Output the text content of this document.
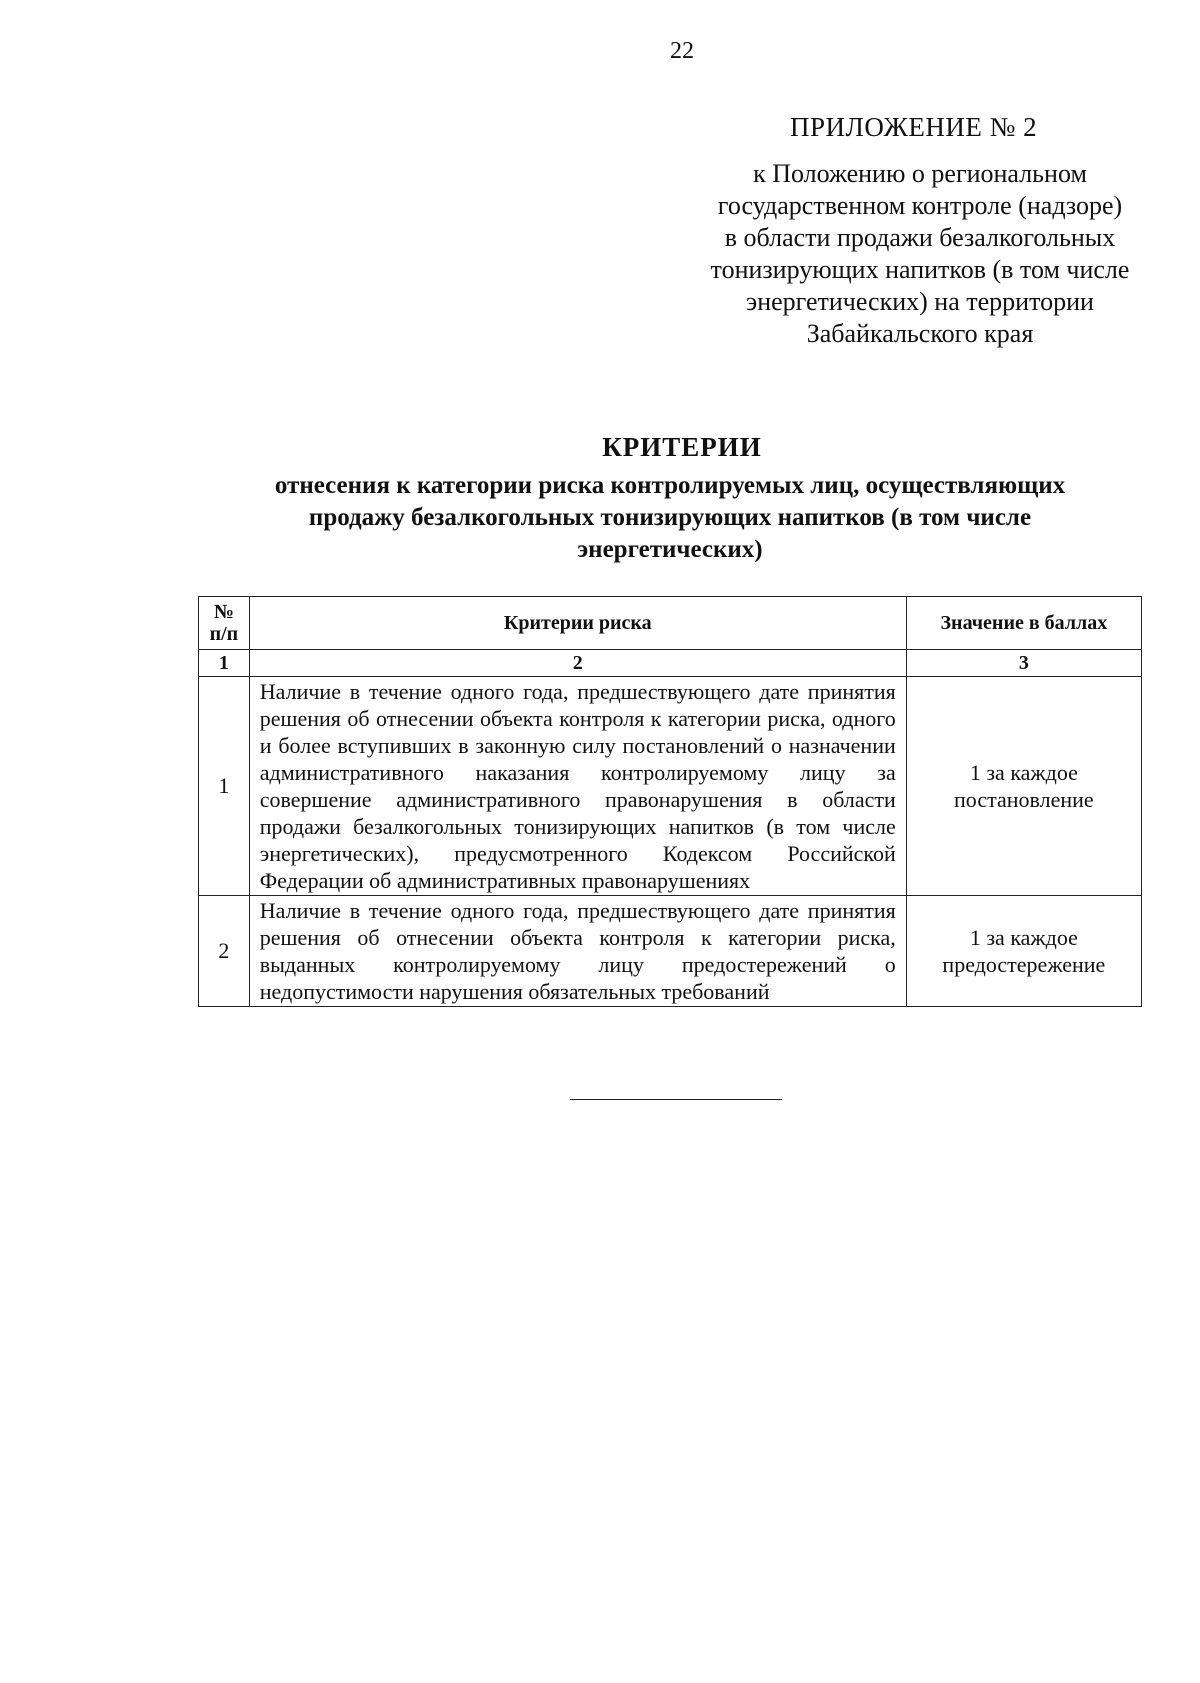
22
ПРИЛОЖЕНИЕ № 2
к Положению о региональном
государственном контроле (надзоре)
в области продажи безалкогольных
тонизирующих напитков (в том числе
энергетических) на территории
Забайкальского края
КРИТЕРИИ
отнесения к категории риска контролируемых лиц, осуществляющих
продажу безалкогольных тонизирующих напитков (в том числе
энергетических)
№ п/п	Критерии риска	Значение в баллах
1	2	3
1	Наличие в течение одного года, предшествующего дате принятия решения об отнесении объекта контроля к категории риска, одного и более вступивших в законную силу постановлений о назначении административного наказания контролируемому лицу за совершение административного правонарушения в области продажи безалкогольных тонизирующих напитков (в том числе энергетических), предусмотренного Кодексом Российской Федерации об административных правонарушениях	1 за каждое постановление
2	Наличие в течение одного года, предшествующего дате принятия решения об отнесении объекта контроля к категории риска, выданных контролируемому лицу предостережений о недопустимости нарушения обязательных требований	1 за каждое предостережение
